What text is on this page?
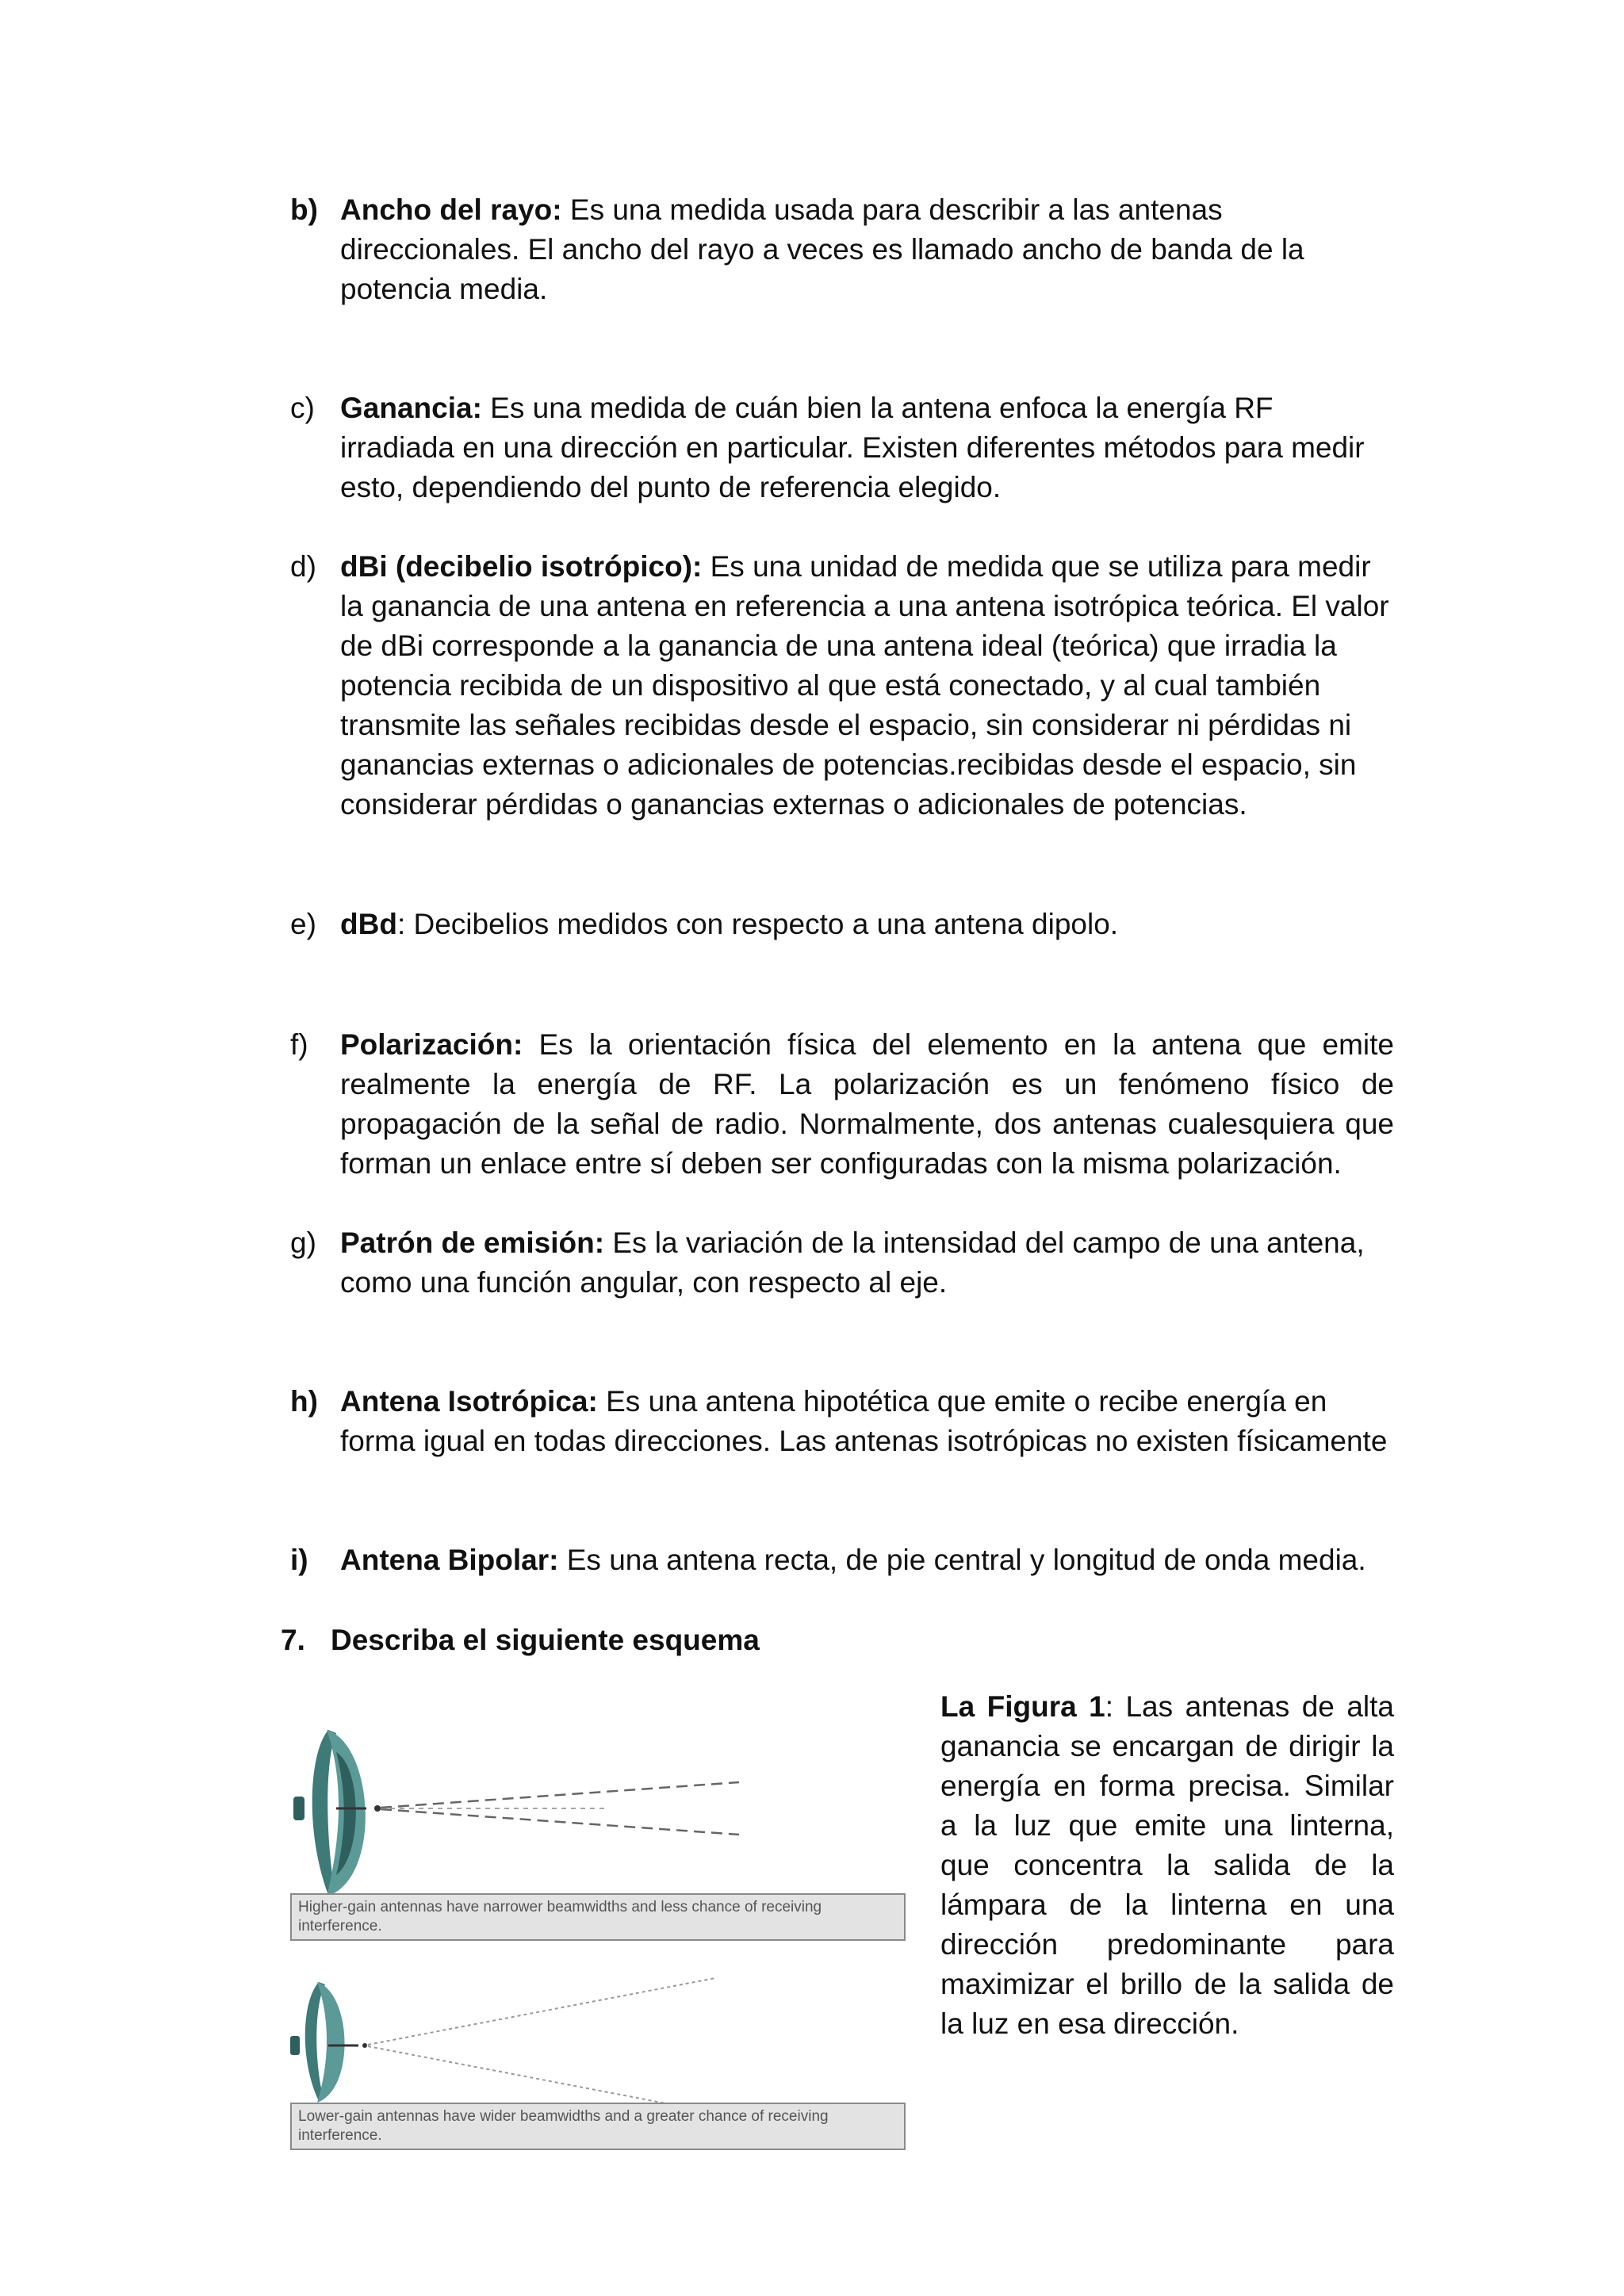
b) Ancho del rayo: Es una medida usada para describir a las antenas direccionales. El ancho del rayo a veces es llamado ancho de banda de la potencia media.
c) Ganancia: Es una medida de cuán bien la antena enfoca la energía RF irradiada en una dirección en particular. Existen diferentes métodos para medir esto, dependiendo del punto de referencia elegido.
d) dBi (decibelio isotrópico): Es una unidad de medida que se utiliza para medir la ganancia de una antena en referencia a una antena isotrópica teórica. El valor de dBi corresponde a la ganancia de una antena ideal (teórica) que irradia la potencia recibida de un dispositivo al que está conectado, y al cual también transmite las señales recibidas desde el espacio, sin considerar ni pérdidas ni ganancias externas o adicionales de potencias.recibidas desde el espacio, sin considerar pérdidas o ganancias externas o adicionales de potencias.
e) dBd: Decibelios medidos con respecto a una antena dipolo.
f) Polarización: Es la orientación física del elemento en la antena que emite realmente la energía de RF. La polarización es un fenómeno físico de propagación de la señal de radio. Normalmente, dos antenas cualesquiera que forman un enlace entre sí deben ser configuradas con la misma polarización.
g) Patrón de emisión: Es la variación de la intensidad del campo de una antena, como una función angular, con respecto al eje.
h) Antena Isotrópica: Es una antena hipotética que emite o recibe energía en forma igual en todas direcciones. Las antenas isotrópicas no existen físicamente
i) Antena Bipolar: Es una antena recta, de pie central y longitud de onda media.
7. Describa el siguiente esquema
Higher-gain antennas have narrower beamwidths and less chance of receiving interference.
Lower-gain antennas have wider beamwidths and a greater chance of receiving interference.
La Figura 1: Las antenas de alta ganancia se encargan de dirigir la energía en forma precisa. Similar a la luz que emite una linterna, que concentra la salida de la lámpara de la linterna en una dirección predominante para maximizar el brillo de la salida de la luz en esa dirección.
